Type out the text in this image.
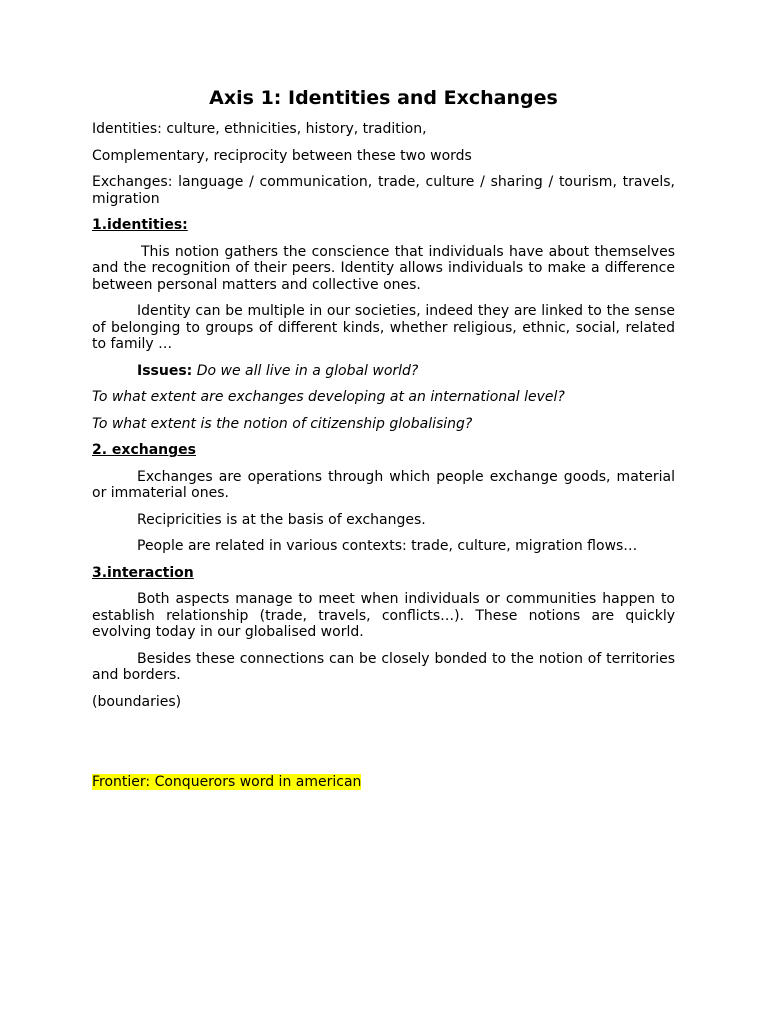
Axis 1: Identities and Exchanges

Identities: culture, ethnicities, history, tradition,

Complementary, reciprocity between these two words

Exchanges: language / communication, trade, culture / sharing / tourism, travels, migration

1.identities:

This notion gathers the conscience that individuals have about themselves and the recognition of their peers. Identity allows individuals to make a difference between personal matters and collective ones.

Identity can be multiple in our societies, indeed they are linked to the sense of belonging to groups of different kinds, whether religious, ethnic, social, related to family …

Issues: Do we all live in a global world?

To what extent are exchanges developing at an international level?

To what extent is the notion of citizenship globalising?

2. exchanges

Exchanges are operations through which people exchange goods, material or immaterial ones.

Recipricities is at the basis of exchanges.

People are related in various contexts: trade, culture, migration flows…

3.interaction

Both aspects manage to meet when individuals or communities happen to establish relationship (trade, travels, conflicts…). These notions are quickly evolving today in our globalised world.

Besides these connections can be closely bonded to the notion of territories and borders.

(boundaries)

Frontier: Conquerors word in american
